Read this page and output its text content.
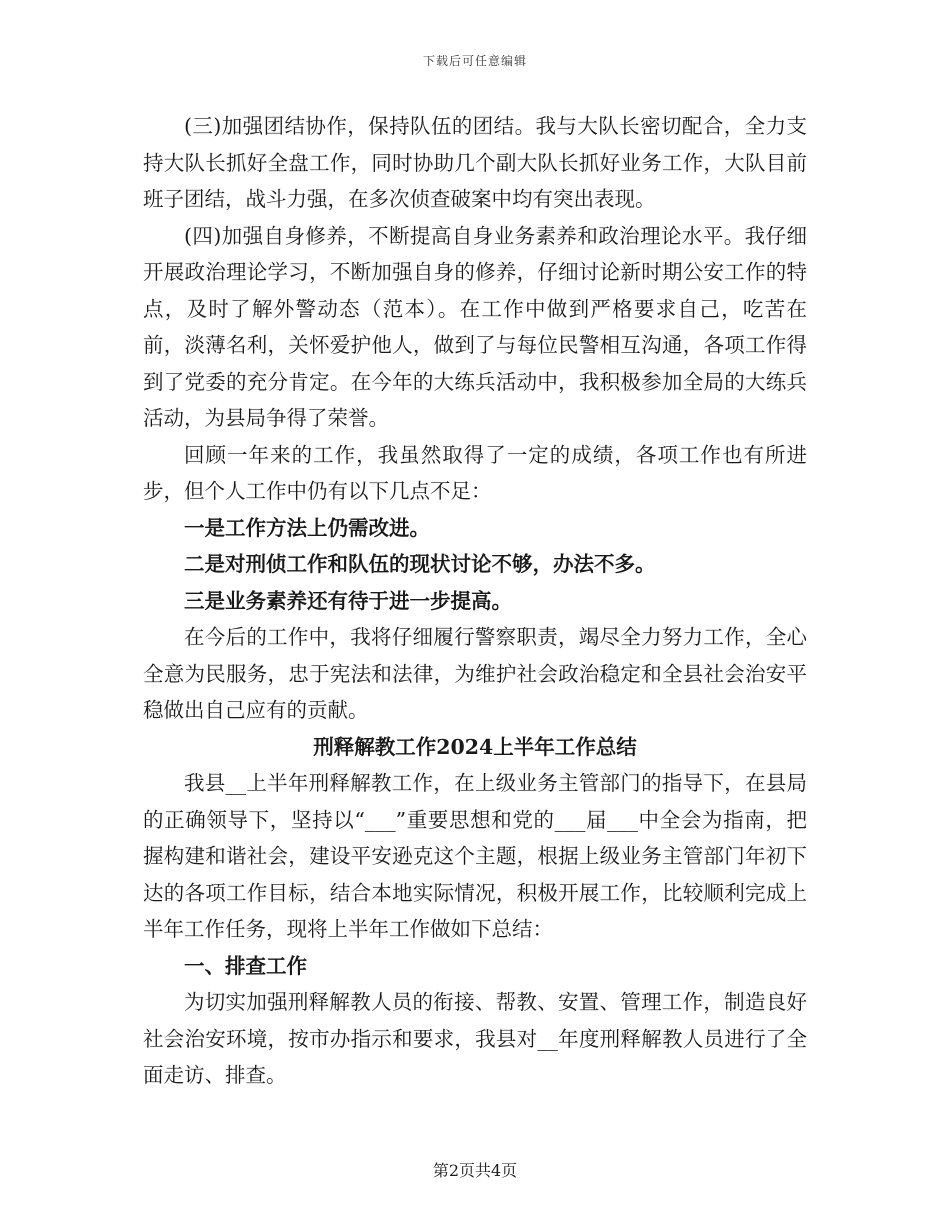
下载后可任意编辑

(三)加强团结协作，保持队伍的团结。我与大队长密切配合，全力支持大队长抓好全盘工作，同时协助几个副大队长抓好业务工作，大队目前班子团结，战斗力强，在多次侦查破案中均有突出表现。

(四)加强自身修养，不断提高自身业务素养和政治理论水平。我仔细开展政治理论学习，不断加强自身的修养，仔细讨论新时期公安工作的特点，及时了解外警动态（范本）。在工作中做到严格要求自己，吃苦在前，淡薄名利，关怀爱护他人，做到了与每位民警相互沟通，各项工作得到了党委的充分肯定。在今年的大练兵活动中，我积极参加全局的大练兵活动，为县局争得了荣誉。

回顾一年来的工作，我虽然取得了一定的成绩，各项工作也有所进步，但个人工作中仍有以下几点不足：

一是工作方法上仍需改进。

二是对刑侦工作和队伍的现状讨论不够，办法不多。

三是业务素养还有待于进一步提高。

在今后的工作中，我将仔细履行警察职责，竭尽全力努力工作，全心全意为民服务，忠于宪法和法律，为维护社会政治稳定和全县社会治安平稳做出自己应有的贡献。

刑释解教工作2024上半年工作总结

我县__上半年刑释解教工作，在上级业务主管部门的指导下，在县局的正确领导下，坚持以“___”重要思想和党的___届___中全会为指南，把握构建和谐社会，建设平安逊克这个主题，根据上级业务主管部门年初下达的各项工作目标，结合本地实际情况，积极开展工作，比较顺利完成上半年工作任务，现将上半年工作做如下总结：

一、排查工作

为切实加强刑释解教人员的衔接、帮教、安置、管理工作，制造良好社会治安环境，按市办指示和要求，我县对__年度刑释解教人员进行了全面走访、排查。

第2页共4页
